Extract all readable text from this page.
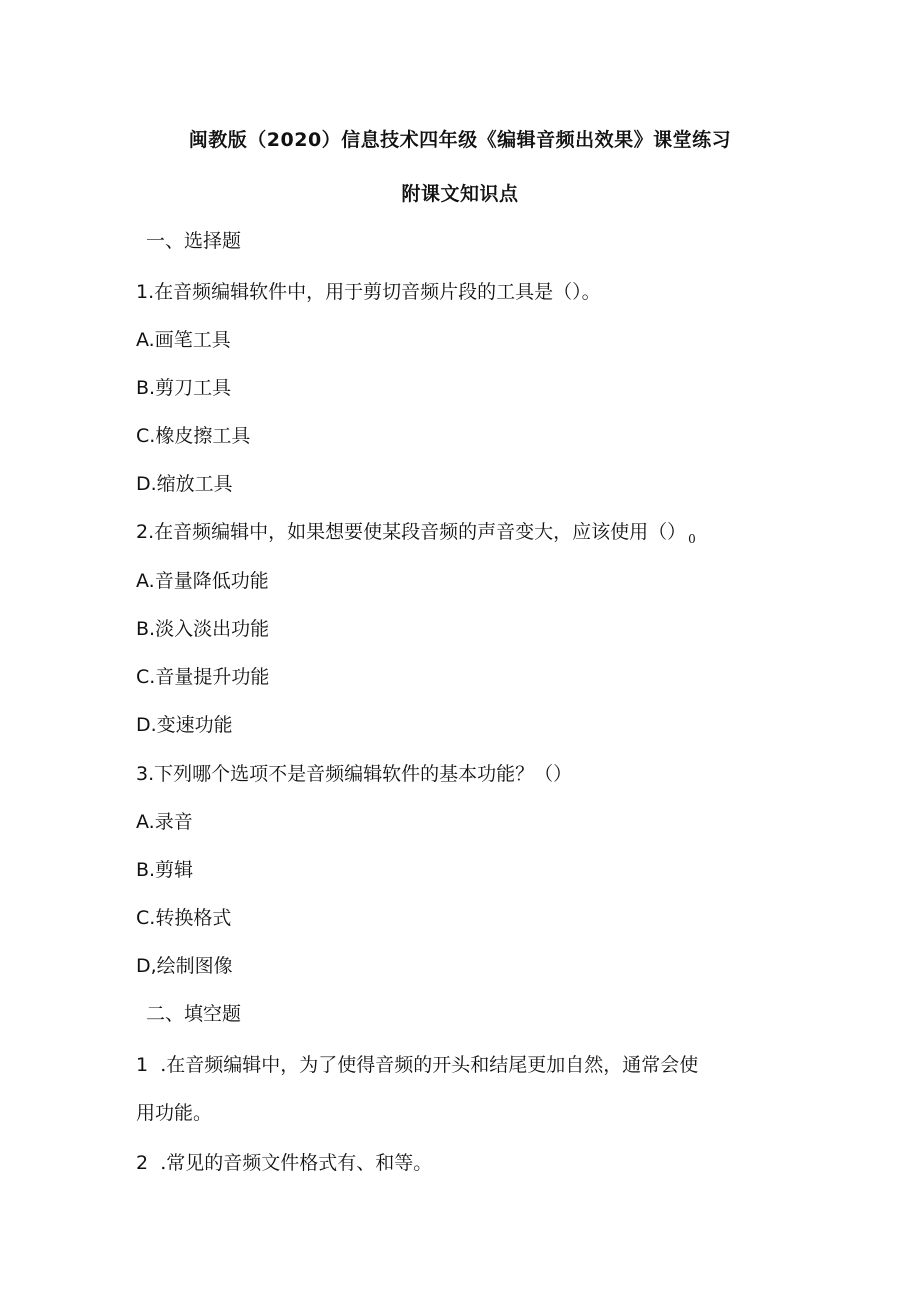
闽教版（2020）信息技术四年级《编辑音频出效果》课堂练习
附课文知识点
一、选择题
1.在音频编辑软件中，用于剪切音频片段的工具是（）。
A.画笔工具
B.剪刀工具
C.橡皮擦工具
D.缩放工具
2.在音频编辑中，如果想要使某段音频的声音变大，应该使用（） $_0$
A.音量降低功能
B.淡入淡出功能
C.音量提升功能
D.变速功能
3.下列哪个选项不是音频编辑软件的基本功能？（）
A.录音
B.剪辑
C.转换格式
D,绘制图像
二、填空题
1 .在音频编辑中，为了使得音频的开头和结尾更加自然，通常会使
用功能。
2 .常见的音频文件格式有、和等。
